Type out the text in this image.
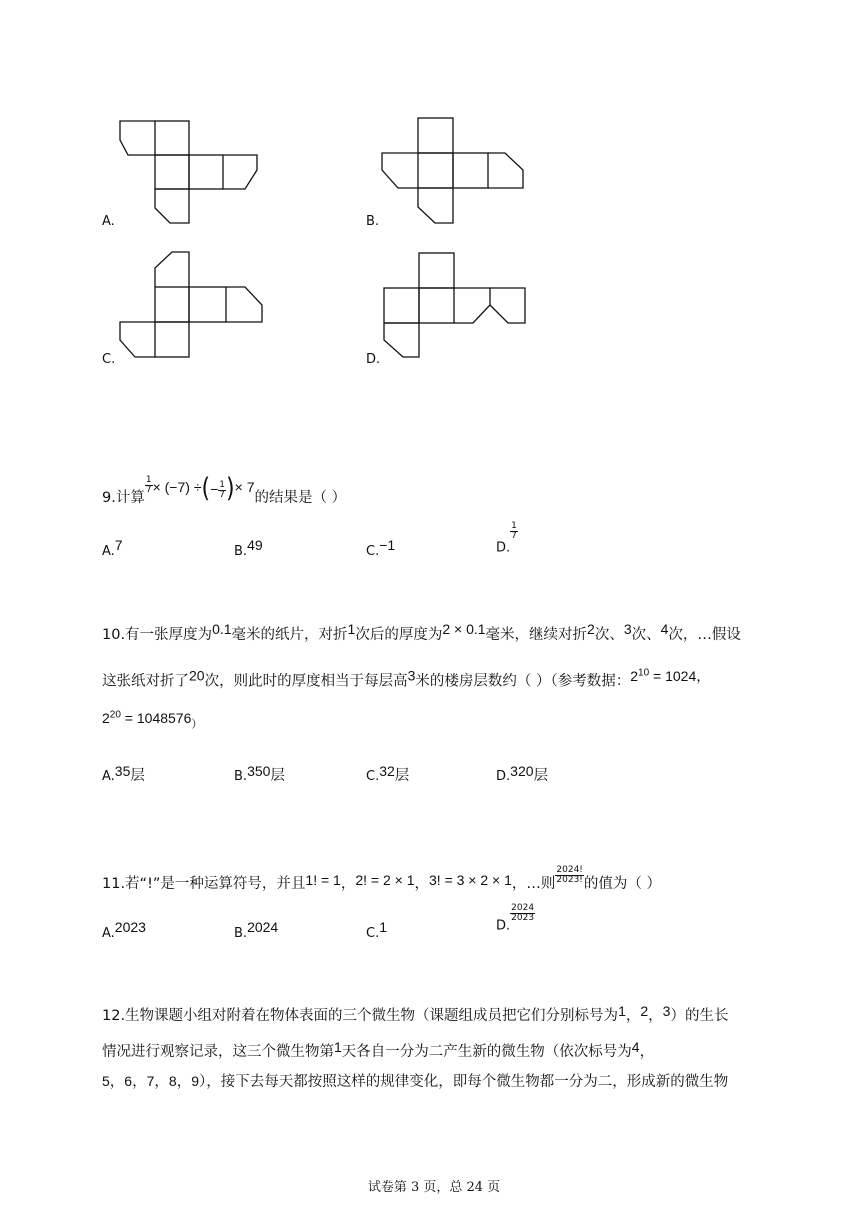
A.	B.
C.	D.
9.计算
$\frac{1}{7} \times (-7)$ ÷(− $\frac{1}{7}$ )× 7的结果是（ ）
A.7	B.49	C.−1	D.
$\frac{1}{7}$
10.有一张厚度为0.1毫米的纸片，对折1次后的厚度为2 × 0.1毫米，继续对折2次、3次、4次，…假设
这张纸对折了20次，则此时的厚度相当于每层高3米的楼房层数约（ ）（参考数据：$2^{10} = 1024$，
$2^{20} = 1048576$）
A.35层	B.350层	C.32层	D.320层
11.若“!”是一种运算符号，并且1! = 1，2! = 2 × 1，3! = 3 × 2 × 1，…则 $\frac{2024!}{2023!}$ 的值为（ ）
A.2023	B.2024	C.1	D.
$\frac{2024}{2023}$
12.生物课题小组对附着在物体表面的三个微生物（课题组成员把它们分别标号为1，2，3）的生长
情况进行观察记录，这三个微生物第1天各自一分为二产生新的微生物（依次标号为4，
5，6，7，8，9），接下去每天都按照这样的规律变化，即每个微生物都一分为二，形成新的微生物
试卷第 3 页，总 24 页
